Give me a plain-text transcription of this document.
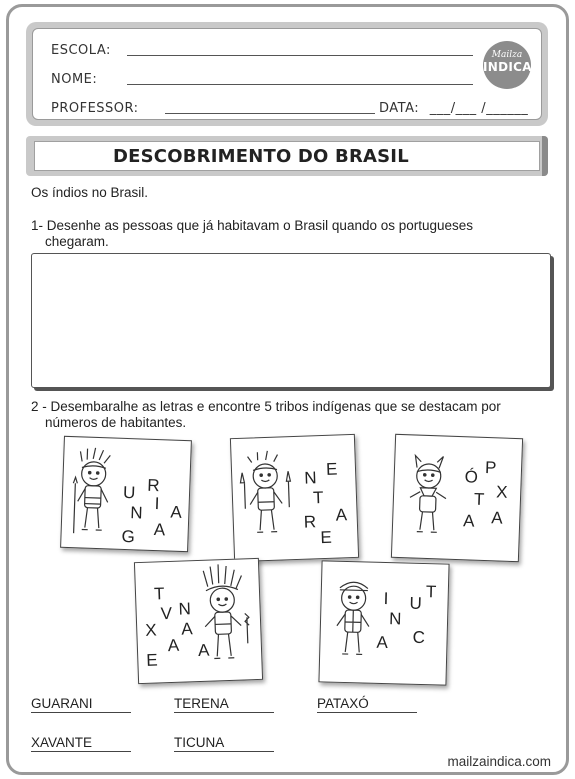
ESCOLA:
NOME:
PROFESSOR:	DATA: ___/___ /______
Mailza
INDICA
DESCOBRIMENTO DO BRASIL
Os índios no Brasil.
1- Desenhe as pessoas que já habitavam o Brasil quando os portugueses
chegaram.
2 - Desembaralhe as letras e encontre 5 tribos indígenas que se destacam por
números de habitantes.
U R
N I A
G A
N E
T
A
R
E
Ó P
T X
A A
T
V N
X A
A
E
A
I U
T
N
A C
GUARANI	TERENA	PATAXÓ
XAVANTE	TICUNA
mailzaindica.com
